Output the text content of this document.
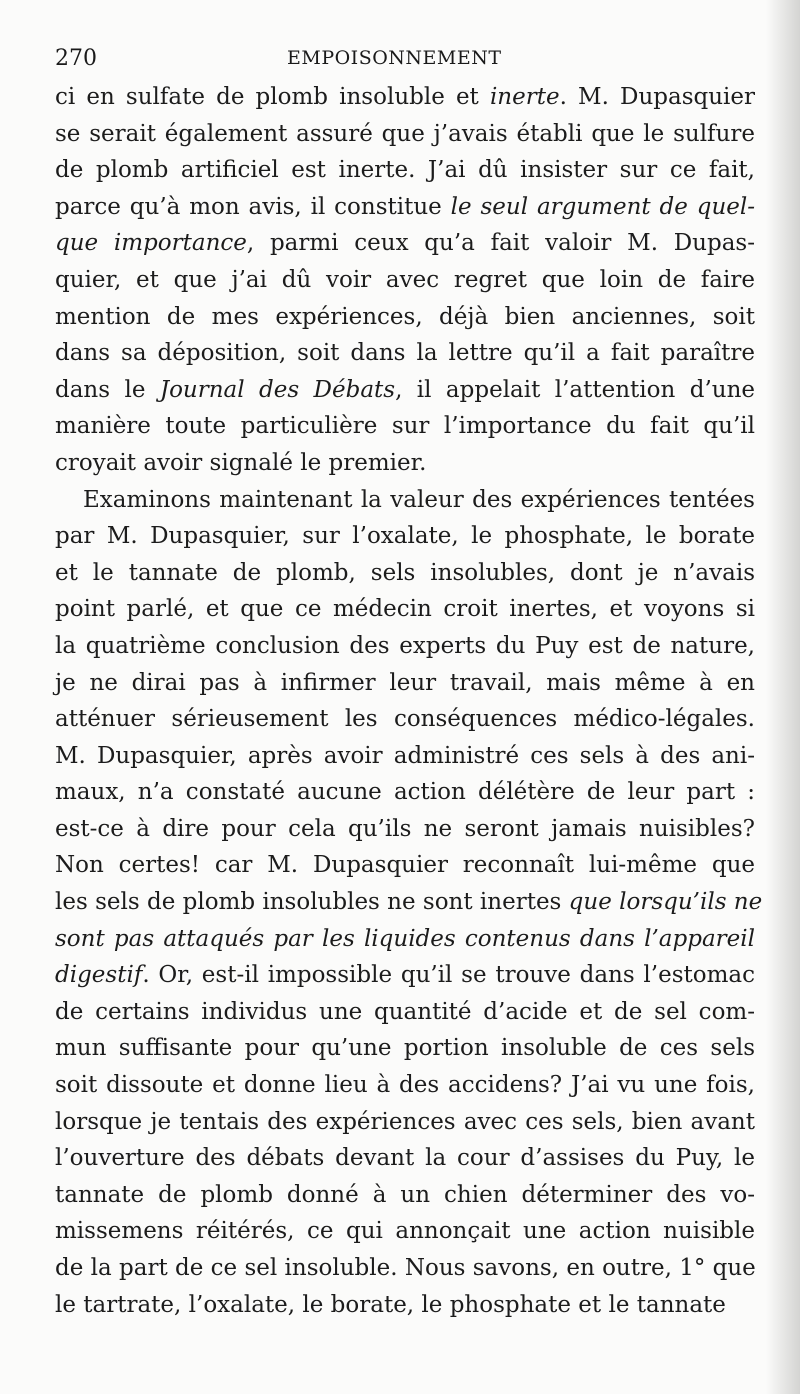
270	EMPOISONNEMENT
ci en sulfate de plomb insoluble et inerte. M. Dupasquier
se serait également assuré que j’avais établi que le sulfure
de plomb artificiel est inerte. J’ai dû insister sur ce fait,
parce qu’à mon avis, il constitue le seul argument de quel-
que importance, parmi ceux qu’a fait valoir M. Dupas-
quier, et que j’ai dû voir avec regret que loin de faire
mention de mes expériences, déjà bien anciennes, soit
dans sa déposition, soit dans la lettre qu’il a fait paraître
dans le Journal des Débats, il appelait l’attention d’une
manière toute particulière sur l’importance du fait qu’il
croyait avoir signalé le premier.
Examinons maintenant la valeur des expériences tentées
par M. Dupasquier, sur l’oxalate, le phosphate, le borate
et le tannate de plomb, sels insolubles, dont je n’avais
point parlé, et que ce médecin croit inertes, et voyons si
la quatrième conclusion des experts du Puy est de nature,
je ne dirai pas à infirmer leur travail, mais même à en
atténuer sérieusement les conséquences médico-légales.
M. Dupasquier, après avoir administré ces sels à des ani-
maux, n’a constaté aucune action délétère de leur part :
est-ce à dire pour cela qu’ils ne seront jamais nuisibles?
Non certes! car M. Dupasquier reconnaît lui-même que
les sels de plomb insolubles ne sont inertes que lorsqu’ils ne
sont pas attaqués par les liquides contenus dans l’appareil
digestif. Or, est-il impossible qu’il se trouve dans l’estomac
de certains individus une quantité d’acide et de sel com-
mun suffisante pour qu’une portion insoluble de ces sels
soit dissoute et donne lieu à des accidens? J’ai vu une fois,
lorsque je tentais des expériences avec ces sels, bien avant
l’ouverture des débats devant la cour d’assises du Puy, le
tannate de plomb donné à un chien déterminer des vo-
missemens réitérés, ce qui annonçait une action nuisible
de la part de ce sel insoluble. Nous savons, en outre, 1° que
le tartrate, l’oxalate, le borate, le phosphate et le tannate
